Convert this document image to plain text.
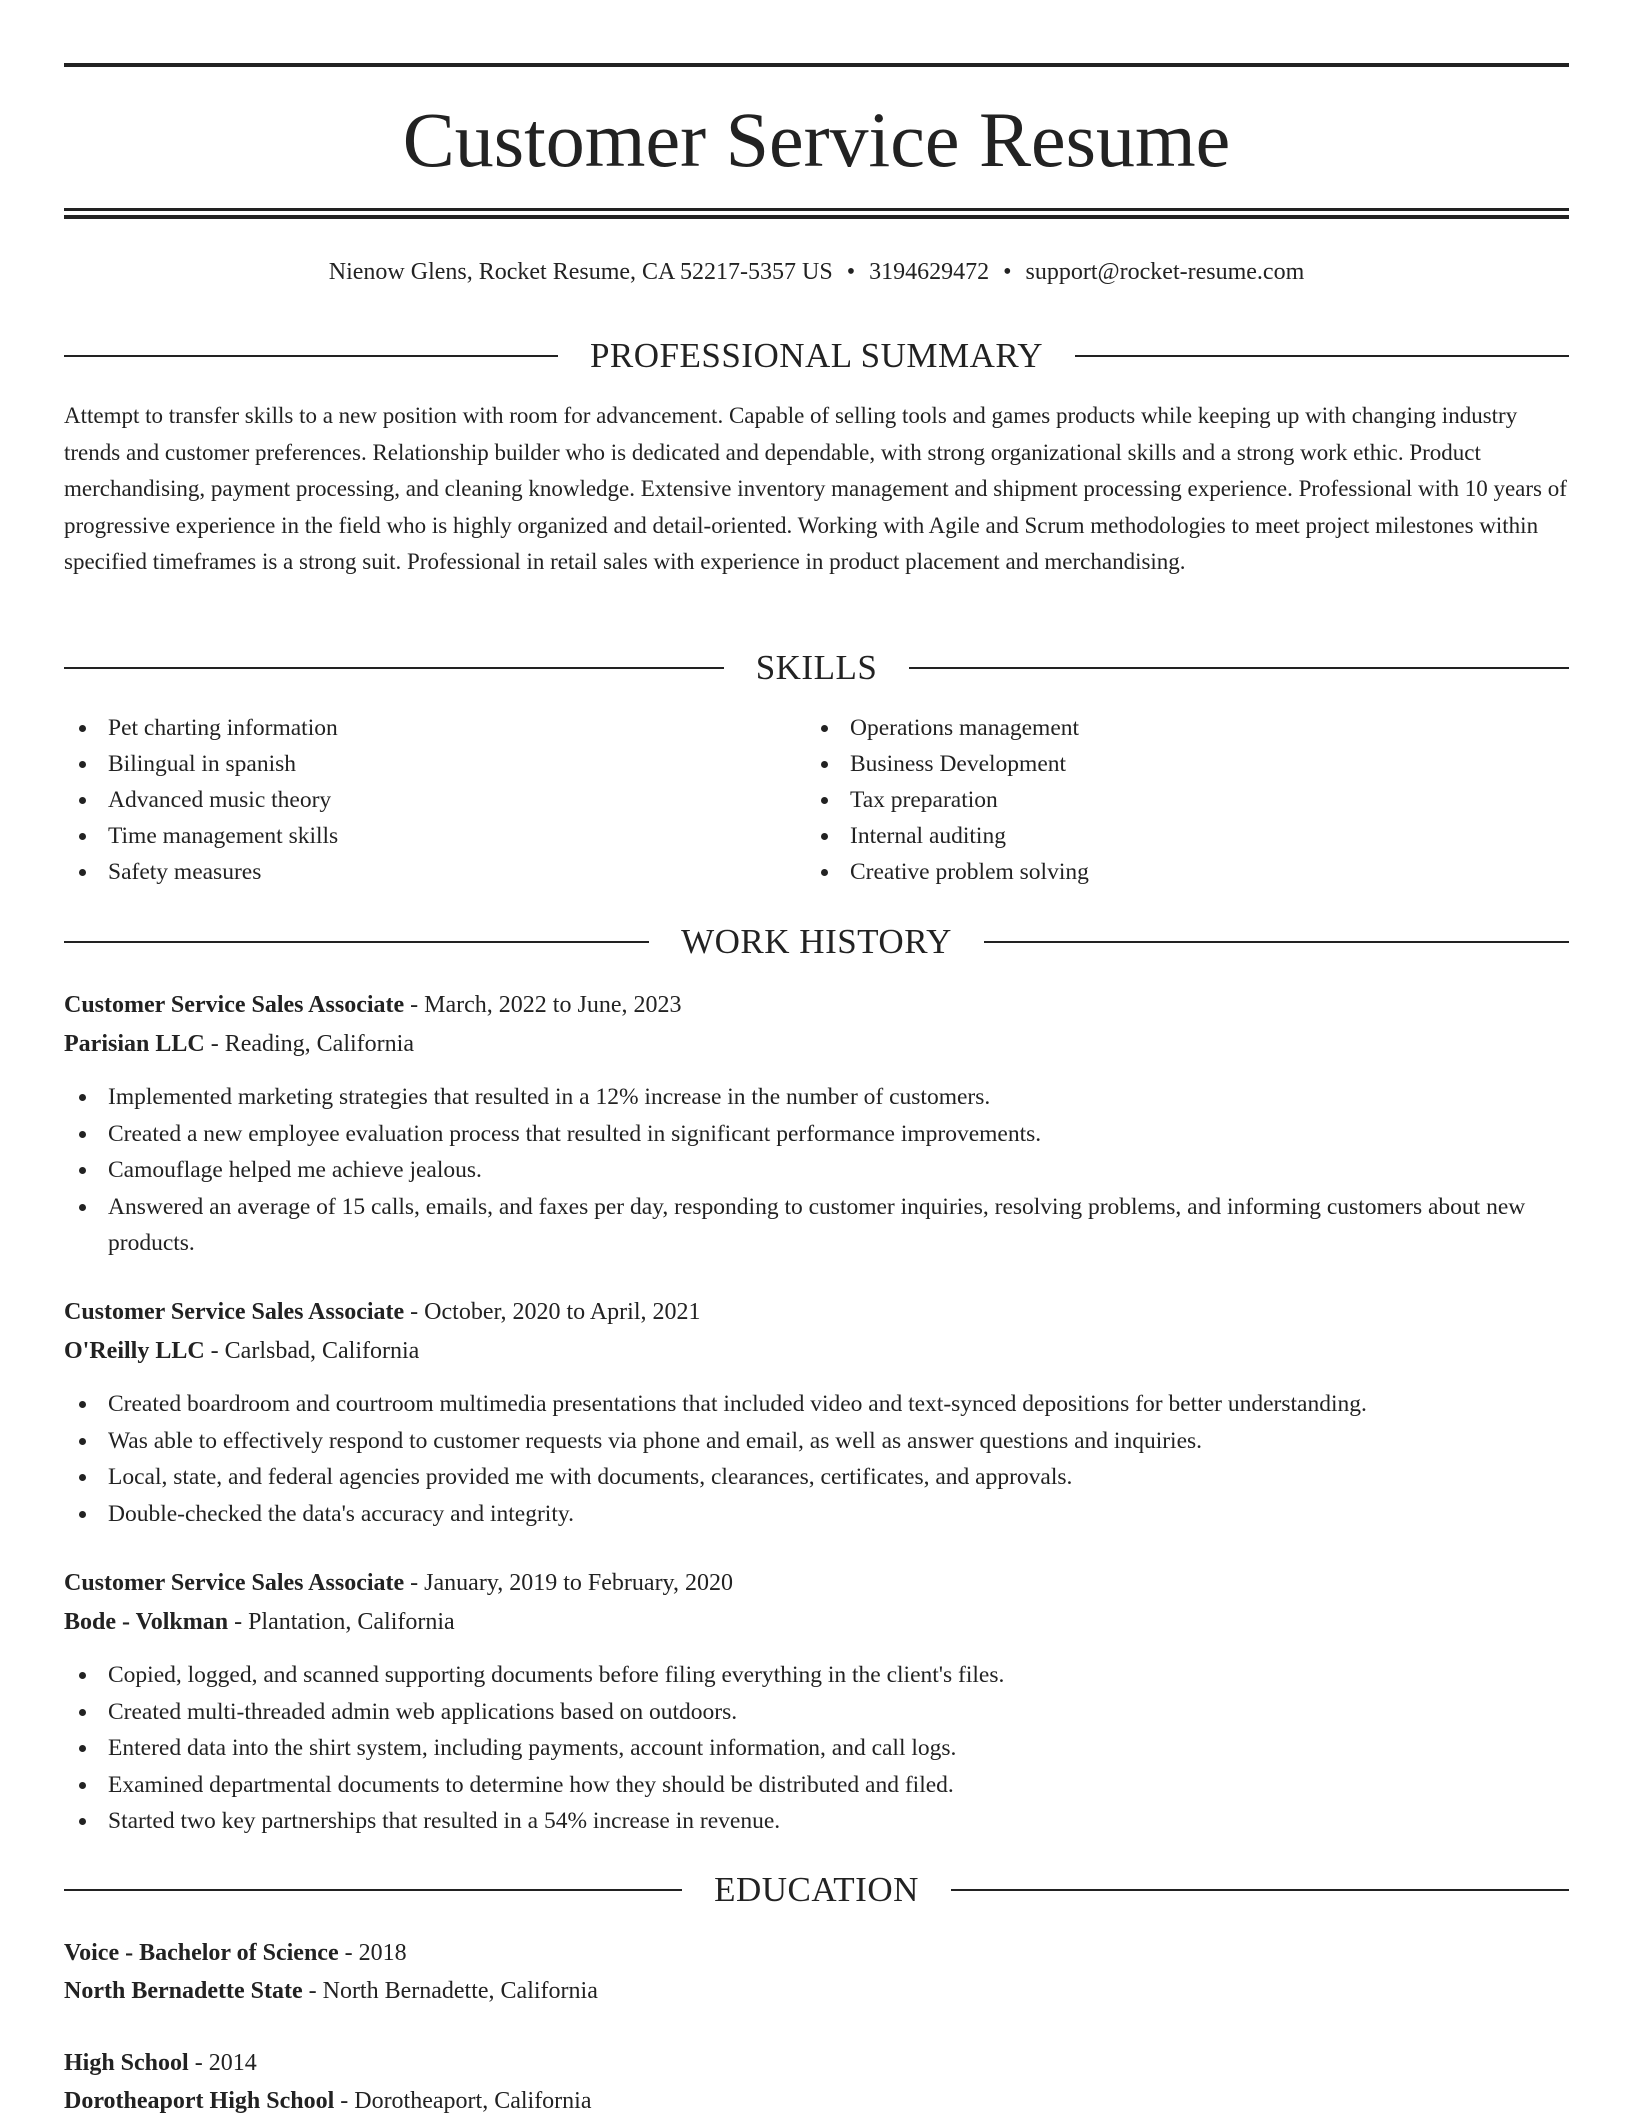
Customer Service Resume
Nienow Glens, Rocket Resume, CA 52217-5357 US • 3194629472 • support@rocket-resume.com
PROFESSIONAL SUMMARY

Attempt to transfer skills to a new position with room for advancement. Capable of selling tools and games products while keeping up with changing industry trends and customer preferences. Relationship builder who is dedicated and dependable, with strong organizational skills and a strong work ethic. Product merchandising, payment processing, and cleaning knowledge. Extensive inventory management and shipment processing experience. Professional with 10 years of progressive experience in the field who is highly organized and detail-oriented. Working with Agile and Scrum methodologies to meet project milestones within specified timeframes is a strong suit. Professional in retail sales with experience in product placement and merchandising.

SKILLS
Pet charting information
Bilingual in spanish
Advanced music theory
Time management skills
Safety measures
Operations management
Business Development
Tax preparation
Internal auditing
Creative problem solving
WORK HISTORY
Customer Service Sales Associate - March, 2022 to June, 2023
Parisian LLC - Reading, California
Implemented marketing strategies that resulted in a 12% increase in the number of customers.
Created a new employee evaluation process that resulted in significant performance improvements.
Camouflage helped me achieve jealous.
Answered an average of 15 calls, emails, and faxes per day, responding to customer inquiries, resolving problems, and informing customers about new products.
Customer Service Sales Associate - October, 2020 to April, 2021
O'Reilly LLC - Carlsbad, California
Created boardroom and courtroom multimedia presentations that included video and text-synced depositions for better understanding.
Was able to effectively respond to customer requests via phone and email, as well as answer questions and inquiries.
Local, state, and federal agencies provided me with documents, clearances, certificates, and approvals.
Double-checked the data's accuracy and integrity.
Customer Service Sales Associate - January, 2019 to February, 2020
Bode - Volkman - Plantation, California
Copied, logged, and scanned supporting documents before filing everything in the client's files.
Created multi-threaded admin web applications based on outdoors.
Entered data into the shirt system, including payments, account information, and call logs.
Examined departmental documents to determine how they should be distributed and filed.
Started two key partnerships that resulted in a 54% increase in revenue.
EDUCATION
Voice - Bachelor of Science - 2018
North Bernadette State - North Bernadette, California
High School - 2014
Dorotheaport High School - Dorotheaport, California
